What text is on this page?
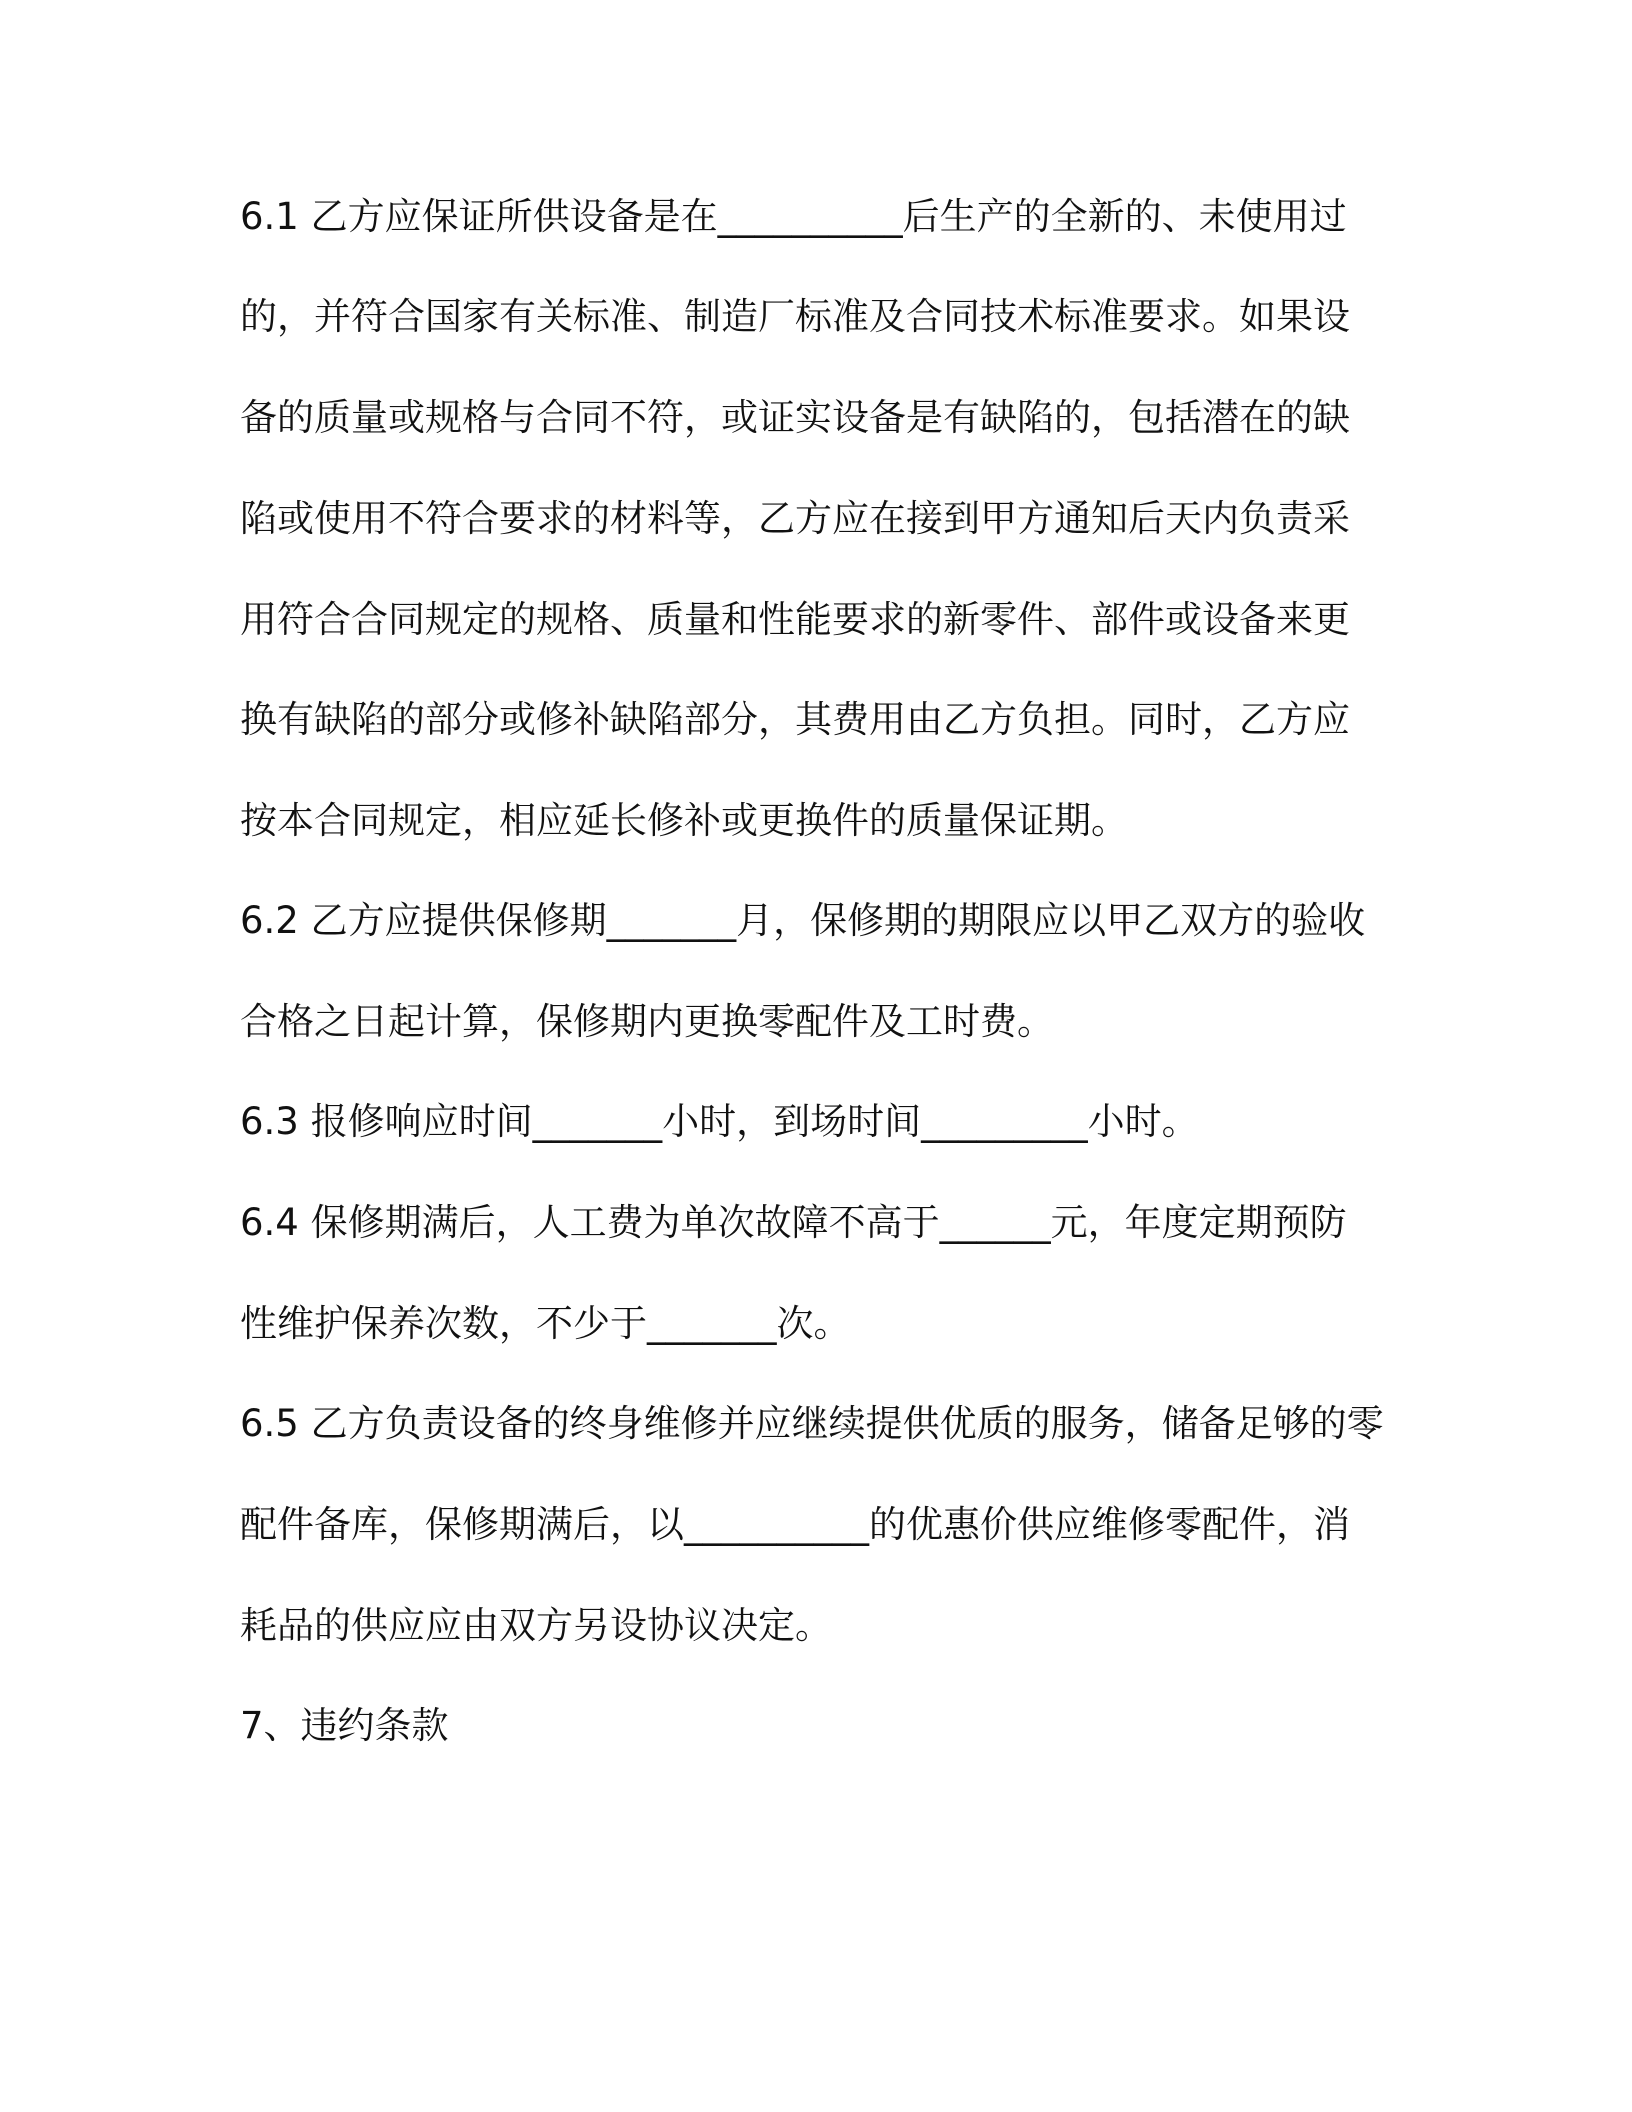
6.1 乙方应保证所供设备是在__________后生产的全新的、未使用过
的，并符合国家有关标准、制造厂标准及合同技术标准要求。如果设
备的质量或规格与合同不符，或证实设备是有缺陷的，包括潜在的缺
陷或使用不符合要求的材料等，乙方应在接到甲方通知后天内负责采
用符合合同规定的规格、质量和性能要求的新零件、部件或设备来更
换有缺陷的部分或修补缺陷部分，其费用由乙方负担。同时，乙方应
按本合同规定，相应延长修补或更换件的质量保证期。
6.2 乙方应提供保修期_______月，保修期的期限应以甲乙双方的验收
合格之日起计算，保修期内更换零配件及工时费。
6.3 报修响应时间_______小时，到场时间_________小时。
6.4 保修期满后，人工费为单次故障不高于______元，年度定期预防
性维护保养次数，不少于_______次。
6.5 乙方负责设备的终身维修并应继续提供优质的服务，储备足够的零
配件备库，保修期满后，以__________的优惠价供应维修零配件，消
耗品的供应应由双方另设协议决定。
7、违约条款
